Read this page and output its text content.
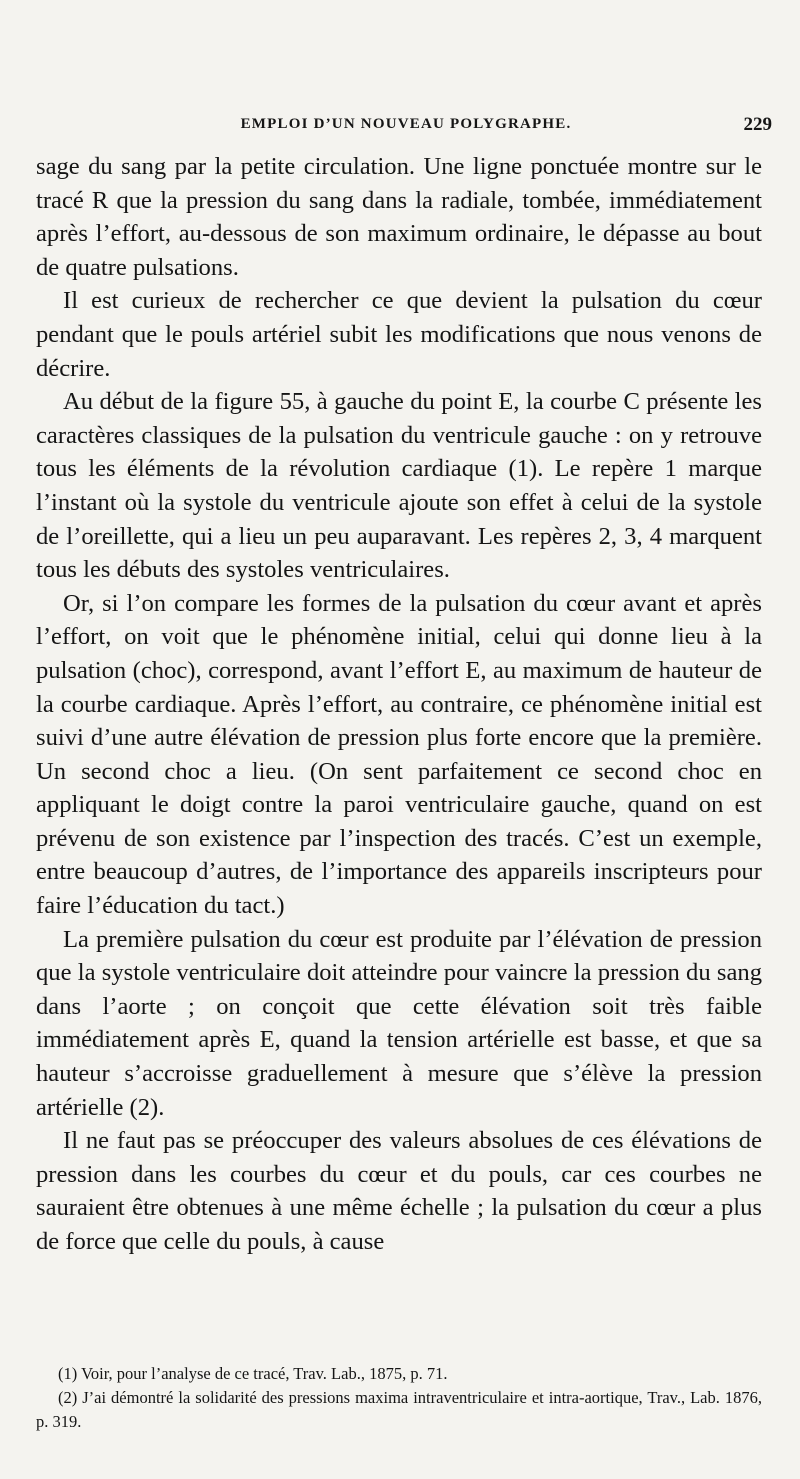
EMPLOI D’UN NOUVEAU POLYGRAPHE.	229

sage du sang par la petite circulation. Une ligne ponctuée montre sur le tracé R que la pression du sang dans la radiale, tombée, immédiatement après l’effort, au-dessous de son maximum ordinaire, le dépasse au bout de quatre pulsations.

Il est curieux de rechercher ce que devient la pulsation du cœur pendant que le pouls artériel subit les modifications que nous venons de décrire.

Au début de la figure 55, à gauche du point E, la courbe C présente les caractères classiques de la pulsation du ventricule gauche : on y retrouve tous les éléments de la révolution cardiaque (1). Le repère 1 marque l’instant où la systole du ventricule ajoute son effet à celui de la systole de l’oreillette, qui a lieu un peu auparavant. Les repères 2, 3, 4 marquent tous les débuts des systoles ventriculaires.

Or, si l’on compare les formes de la pulsation du cœur avant et après l’effort, on voit que le phénomène initial, celui qui donne lieu à la pulsation (choc), correspond, avant l’effort E, au maximum de hauteur de la courbe cardiaque. Après l’effort, au contraire, ce phénomène initial est suivi d’une autre élévation de pression plus forte encore que la première. Un second choc a lieu. (On sent parfaitement ce second choc en appliquant le doigt contre la paroi ventriculaire gauche, quand on est prévenu de son existence par l’inspection des tracés. C’est un exemple, entre beaucoup d’autres, de l’importance des appareils inscripteurs pour faire l’éducation du tact.)

La première pulsation du cœur est produite par l’élévation de pression que la systole ventriculaire doit atteindre pour vaincre la pression du sang dans l’aorte ; on conçoit que cette élévation soit très faible immédiatement après E, quand la tension artérielle est basse, et que sa hauteur s’accroisse graduellement à mesure que s’élève la pression artérielle (2).

Il ne faut pas se préoccuper des valeurs absolues de ces élévations de pression dans les courbes du cœur et du pouls, car ces courbes ne sauraient être obtenues à une même échelle ; la pulsation du cœur a plus de force que celle du pouls, à cause

(1) Voir, pour l’analyse de ce tracé, Trav. Lab., 1875, p. 71.

(2) J’ai démontré la solidarité des pressions maxima intraventriculaire et intra-aortique, Trav., Lab. 1876, p. 319.
